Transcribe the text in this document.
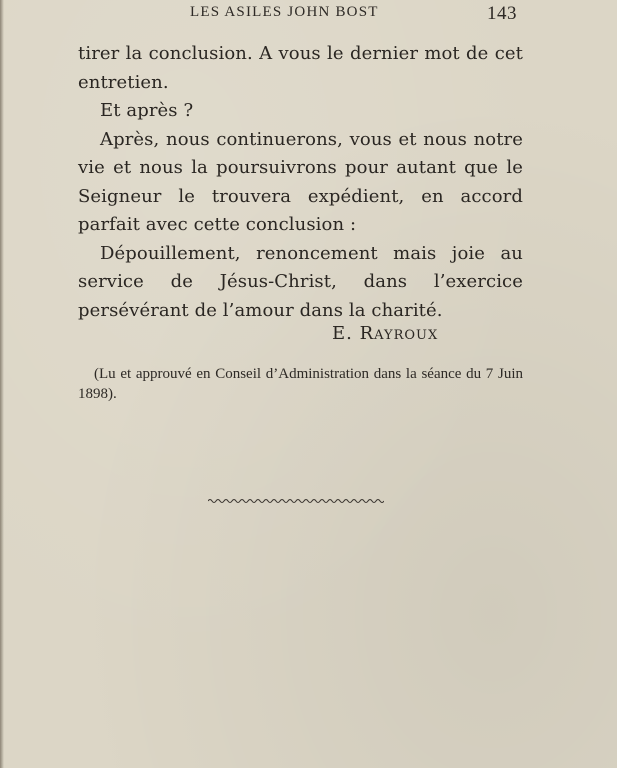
LES ASILES JOHN BOST	143

tirer la conclusion. A vous le dernier mot de cet entretien.

Et après ?

Après, nous continuerons, vous et nous notre vie et nous la poursuivrons pour autant que le Seigneur le trouvera expédient, en accord parfait avec cette conclusion :

Dépouillement, renoncement mais joie au service de Jésus-Christ, dans l’exercice persévérant de l’amour dans la charité.

E. Rayroux

(Lu et approuvé en Conseil d’Administration dans la séance du 7 Juin 1898).
